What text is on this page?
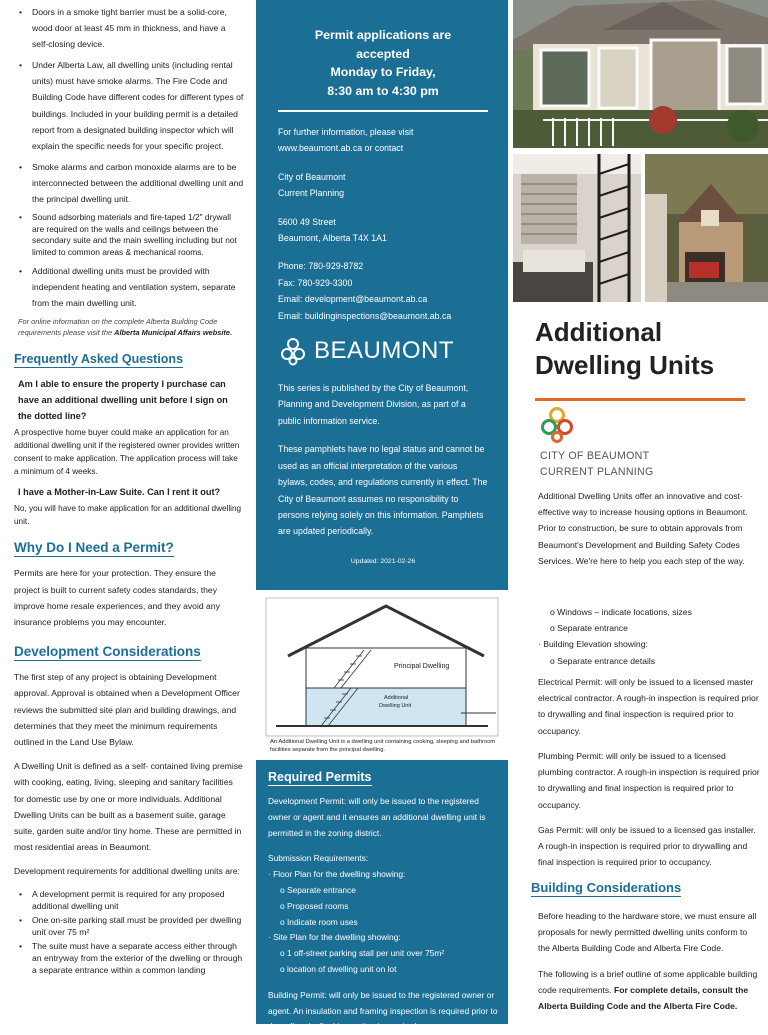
• Doors in a smoke tight barrier must be a solid-core, wood door at least 45 mm in thickness, and have a self-closing device.
• Under Alberta Law, all dwelling units (including rental units) must have smoke alarms. The Fire Code and Building Code have different codes for different types of buildings. Included in your building permit is a detailed report from a designated building inspector which will explain the specific needs for your specific project.
• Smoke alarms and carbon monoxide alarms are to be interconnected between the additional dwelling unit and the principal dwelling unit.
• Sound adsorbing materials and fire-taped 1/2" drywall are required on the walls and ceilings between the secondary suite and the main swelling including but not limited to common areas & mechanical rooms.
• Additional dwelling units must be provided with independent heating and ventilation system, separate from the main dwelling unit.

For online information on the complete Alberta Building Code requirements please visit the Alberta Municipal Affairs website.

Frequently Asked Questions

Am I able to ensure the property I purchase can have an additional dwelling unit before I sign on the dotted line?

A prospective home buyer could make an application for an additional dwelling unit if the registered owner provides written consent to make application. The application process will take a minimum of 4 weeks.

I have a Mother-in-Law Suite. Can I rent it out?

No, you will have to make application for an additional dwelling unit.

Why Do I Need a Permit?

Permits are here for your protection. They ensure the project is built to current safety codes standards, they improve home resale experiences, and they avoid any insurance problems you may encounter.

Development Considerations

The first step of any project is obtaining Development approval. Approval is obtained when a Development Officer reviews the submitted site plan and building drawings, and determines that they meet the minimum requirements outlined in the Land Use Bylaw.

A Dwelling Unit is defined as a self- contained living premise with cooking, eating, living, sleeping and sanitary facilities for domestic use by one or more individuals. Additional Dwelling Units can be built as a basement suite, garage suite, garden suite and/or tiny home. These are permitted in most residential areas in Beaumont.

Development requirements for additional dwelling units are:

• A development permit is required for any proposed additional dwelling unit
• One on-site parking stall must be provided per dwelling unit over 75 m²
• The suite must have a separate access either through an entryway from the exterior of the dwelling or through a separate entrance within a common landing
Permit applications are
accepted
Monday to Friday,
8:30 am to 4:30 pm
For further information, please visit
www.beaumont.ab.ca or contact
City of Beaumont
Current Planning
5600 49 Street
Beaumont, Alberta T4X 1A1
Phone: 780-929-8782
Fax: 780-929-3300
Email: development@beaumont.ab.ca
Email: buildinginspections@beaumont.ab.ca
BEAUMONT
This series is published by the City of Beaumont, Planning and Development Division, as part of a public information service.
These pamphlets have no legal status and cannot be used as an official interpretation of the various bylaws, codes, and regulations currently in effect. The City of Beaumont assumes no responsibility to persons relying solely on this information. Pamphlets are updated periodically.
Updated: 2021-02-26
Principal Dwelling
Additional
Dwelling Unit
An Additional Dwelling Unit is a dwelling unit containing cooking, sleeping and bathroom facilities separate from the principal dwelling.
Required Permits
Development Permit: will only be issued to the registered owner or agent and it ensures an additional dwelling unit is permitted in the zoning district.
Submission Requirements:
· Floor Plan for the dwelling showing:
o Separate entrance
o Proposed rooms
o Indicate room uses
· Site Plan for the dwelling showing:
o 1 off-street parking stall per unit over 75m²
o location of dwelling unit on lot
Building Permit: will only be issued to the registered owner or agent. An insulation and framing inspection is required prior to drywall and a final inspection is required
Additional
Dwelling Units
CITY OF BEAUMONT
CURRENT PLANNING
Additional Dwelling Units offer an innovative and cost-effective way to increase housing options in Beaumont. Prior to construction, be sure to obtain approvals from Beaumont's Development and Building Safety Codes Services. We're here to help you each step of the way.
o Windows – indicate locations, sizes
o Separate entrance
· Building Elevation showing:
o Separate entrance details
Electrical Permit: will only be issued to a licensed master electrical contractor. A rough-in inspection is required prior to drywalling and final inspection is required prior to occupancy.
Plumbing Permit: will only be issued to a licensed plumbing contractor. A rough-in inspection is required prior to drywalling and final inspection is required prior to occupancy.
Gas Permit: will only be issued to a licensed gas installer. A rough-in inspection is required prior to drywalling and final inspection is required prior to occupancy.
Building Considerations
Before heading to the hardware store, we must ensure all proposals for newly permitted dwelling units conform to the Alberta Building Code and Alberta Fire Code.
The following is a brief outline of some applicable building code requirements. For complete details, consult the Alberta Building Code and the Alberta Fire Code.
